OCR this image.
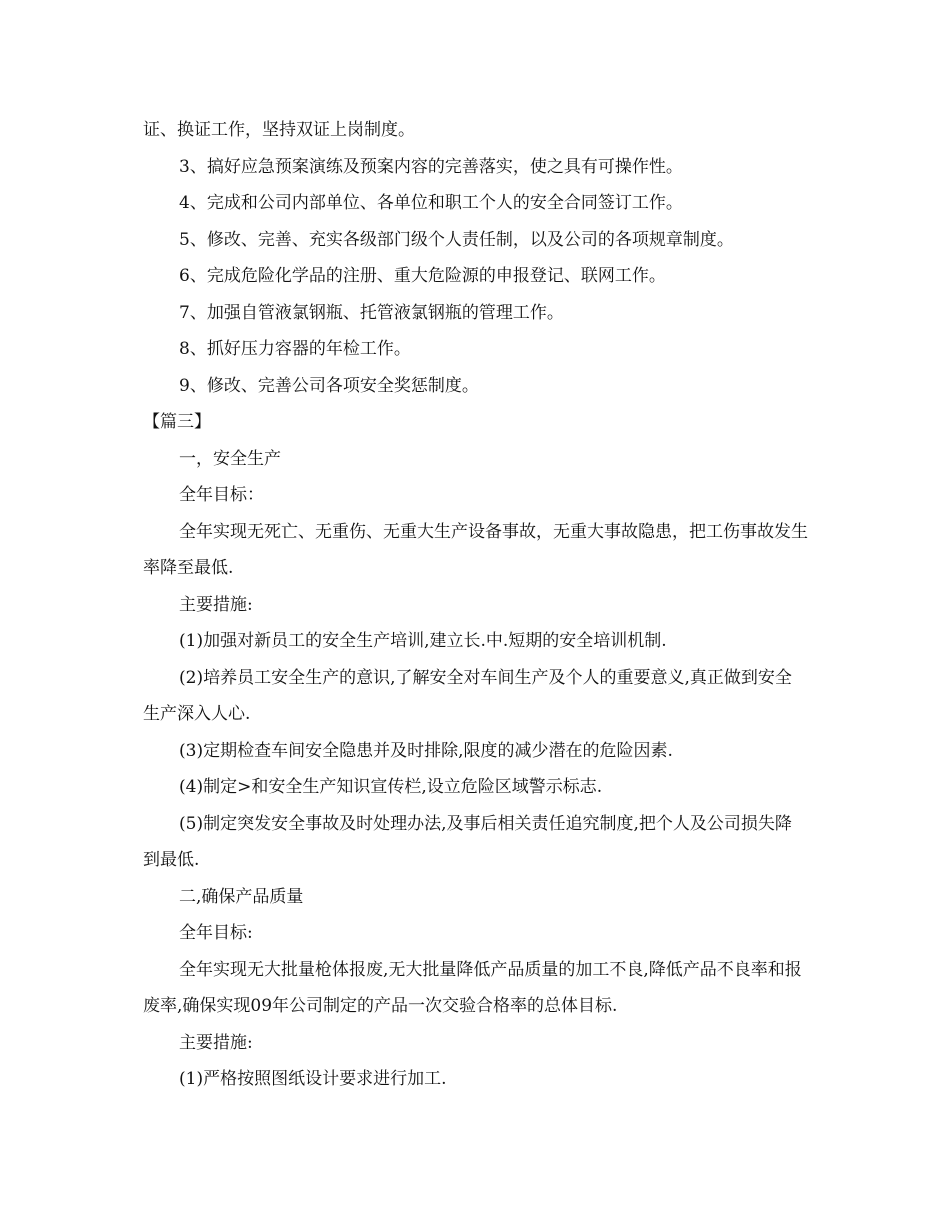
证、换证工作，坚持双证上岗制度。

3、搞好应急预案演练及预案内容的完善落实，使之具有可操作性。

4、完成和公司内部单位、各单位和职工个人的安全合同签订工作。

5、修改、完善、充实各级部门级个人责任制，以及公司的各项规章制度。

6、完成危险化学品的注册、重大危险源的申报登记、联网工作。

7、加强自管液氯钢瓶、托管液氯钢瓶的管理工作。

8、抓好压力容器的年检工作。

9、修改、完善公司各项安全奖惩制度。

【篇三】

一，安全生产

全年目标：

全年实现无死亡、无重伤、无重大生产设备事故，无重大事故隐患，把工伤事故发生率降至最低.

主要措施:

(1)加强对新员工的安全生产培训,建立长.中.短期的安全培训机制.

(2)培养员工安全生产的意识,了解安全对车间生产及个人的重要意义,真正做到安全生产深入人心.

(3)定期检查车间安全隐患并及时排除,限度的减少潜在的危险因素.

(4)制定>和安全生产知识宣传栏,设立危险区域警示标志.

(5)制定突发安全事故及时处理办法,及事后相关责任追究制度,把个人及公司损失降到最低.

二,确保产品质量

全年目标:

全年实现无大批量枪体报废,无大批量降低产品质量的加工不良,降低产品不良率和报废率,确保实现09年公司制定的产品一次交验合格率的总体目标.

主要措施:

(1)严格按照图纸设计要求进行加工.
